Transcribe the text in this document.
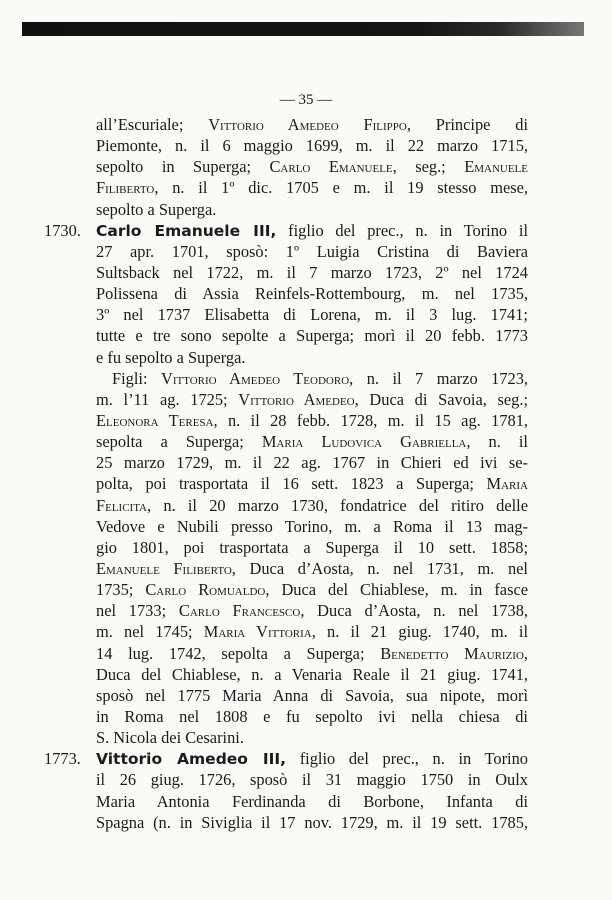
— 35 —
all’Escuriale; Vittorio Amedeo Filippo, Principe di
Piemonte, n. il 6 maggio 1699, m. il 22 marzo 1715,
sepolto in Superga; Carlo Emanuele, seg.; Emanuele
Filiberto, n. il 1º dic. 1705 e m. il 19 stesso mese,
sepolto a Superga.
1730. Carlo Emanuele III, figlio del prec., n. in Torino il
27 apr. 1701, sposò: 1º Luigia Cristina di Baviera
Sultsback nel 1722, m. il 7 marzo 1723, 2º nel 1724
Polissena di Assia Reinfels-Rottembourg, m. nel 1735,
3º nel 1737 Elisabetta di Lorena, m. il 3 lug. 1741;
tutte e tre sono sepolte a Superga; morì il 20 febb. 1773
e fu sepolto a Superga.
Figli: Vittorio Amedeo Teodoro, n. il 7 marzo 1723,
m. l’11 ag. 1725; Vittorio Amedeo, Duca di Savoia, seg.;
Eleonora Teresa, n. il 28 febb. 1728, m. il 15 ag. 1781,
sepolta a Superga; Maria Ludovica Gabriella, n. il
25 marzo 1729, m. il 22 ag. 1767 in Chieri ed ivi se-
polta, poi trasportata il 16 sett. 1823 a Superga; Maria
Felicita, n. il 20 marzo 1730, fondatrice del ritiro delle
Vedove e Nubili presso Torino, m. a Roma il 13 mag-
gio 1801, poi trasportata a Superga il 10 sett. 1858;
Emanuele Filiberto, Duca d’Aosta, n. nel 1731, m. nel
1735; Carlo Romualdo, Duca del Chiablese, m. in fasce
nel 1733; Carlo Francesco, Duca d’Aosta, n. nel 1738,
m. nel 1745; Maria Vittoria, n. il 21 giug. 1740, m. il
14 lug. 1742, sepolta a Superga; Benedetto Maurizio,
Duca del Chiablese, n. a Venaria Reale il 21 giug. 1741,
sposò nel 1775 Maria Anna di Savoia, sua nipote, morì
in Roma nel 1808 e fu sepolto ivi nella chiesa di
S. Nicola dei Cesarini.
1773. Vittorio Amedeo III, figlio del prec., n. in Torino
il 26 giug. 1726, sposò il 31 maggio 1750 in Oulx
Maria Antonia Ferdinanda di Borbone, Infanta di
Spagna (n. in Siviglia il 17 nov. 1729, m. il 19 sett. 1785,
